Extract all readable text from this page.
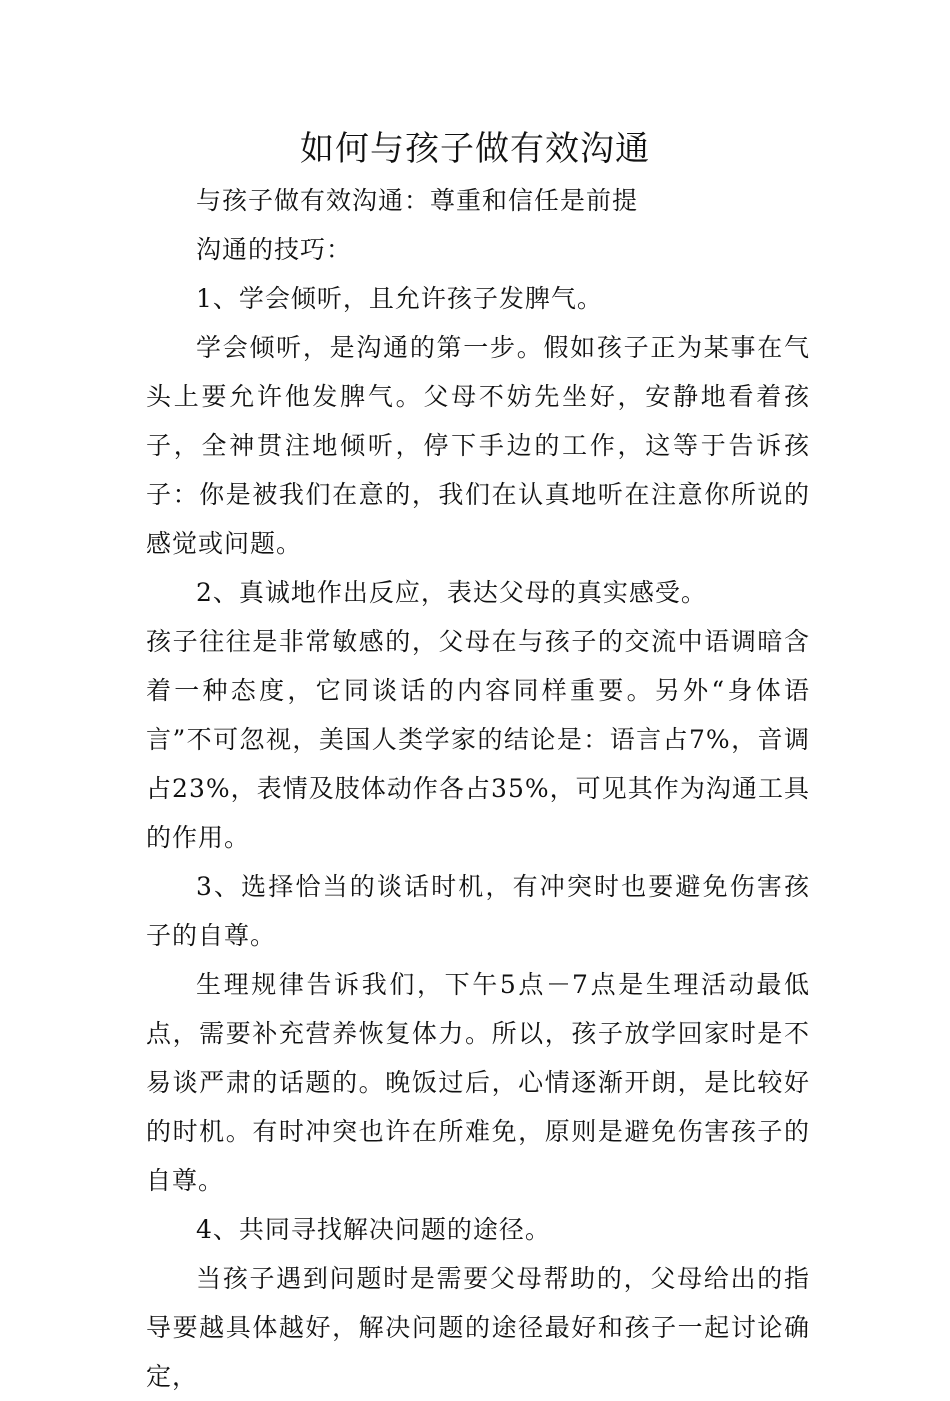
如何与孩子做有效沟通

与孩子做有效沟通：尊重和信任是前提

沟通的技巧：

1、学会倾听，且允许孩子发脾气。

学会倾听，是沟通的第一步。假如孩子正为某事在气头上要允许他发脾气。父母不妨先坐好，安静地看着孩子，全神贯注地倾听，停下手边的工作，这等于告诉孩子：你是被我们在意的，我们在认真地听在注意你所说的感觉或问题。

2、真诚地作出反应，表达父母的真实感受。

孩子往往是非常敏感的，父母在与孩子的交流中语调暗含着一种态度，它同谈话的内容同样重要。另外“身体语言”不可忽视，美国人类学家的结论是：语言占7%，音调占23%，表情及肢体动作各占35%，可见其作为沟通工具的作用。

3、选择恰当的谈话时机，有冲突时也要避免伤害孩子的自尊。

生理规律告诉我们，下午5点－7点是生理活动最低点，需要补充营养恢复体力。所以，孩子放学回家时是不易谈严肃的话题的。晚饭过后，心情逐渐开朗，是比较好的时机。有时冲突也许在所难免，原则是避免伤害孩子的自尊。

4、共同寻找解决问题的途径。

当孩子遇到问题时是需要父母帮助的，父母给出的指导要越具体越好，解决问题的途径最好和孩子一起讨论确定，
